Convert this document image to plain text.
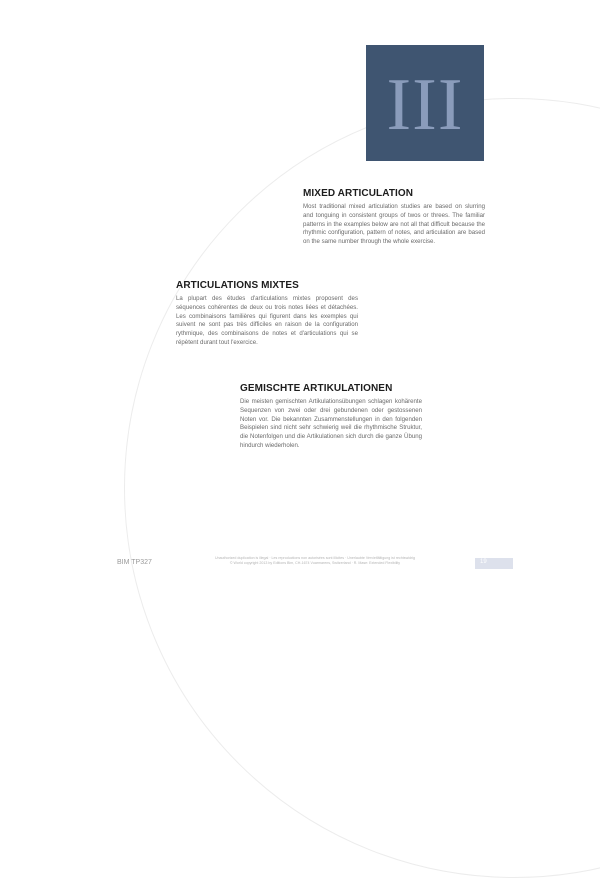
III
MIXED ARTICULATION

Most traditional mixed articulation studies are based on slurring and tonguing in consistent groups of twos or threes. The familiar patterns in the examples below are not all that difficult because the rhythmic configuration, pattern of notes, and articulation are based on the same number through the whole exercise.

ARTICULATIONS MIXTES

La plupart des études d'articulations mixtes proposent des séquences cohérentes de deux ou trois notes liées et détachées. Les combinaisons familières qui figurent dans les exemples qui suivent ne sont pas très difficiles en raison de la configuration rythmique, des combinaisons de notes et d'articulations qui se répètent durant tout l'exercice.

GEMISCHTE ARTIKULATIONEN

Die meisten gemischten Artikulationsübungen schlagen kohärente Sequenzen von zwei oder drei gebundenen oder gestossenen Noten vor. Die bekannten Zusammenstellungen in den folgenden Beispielen sind nicht sehr schwierig weil die rhythmische Struktur, die Notenfolgen und die Artikulationen sich durch die ganze Übung hindurch wiederholen.

BIM TP327
Unauthorized duplication is illegal · Les reproductions non autorisées sont illicites · Unerlaubte Vervielfältigung ist rechtswidrig
© World copyright 2013 by Editions Bim, CH-1674 Vuarmarens, Switzerland · R. Mase: Extended Flexibility	19
